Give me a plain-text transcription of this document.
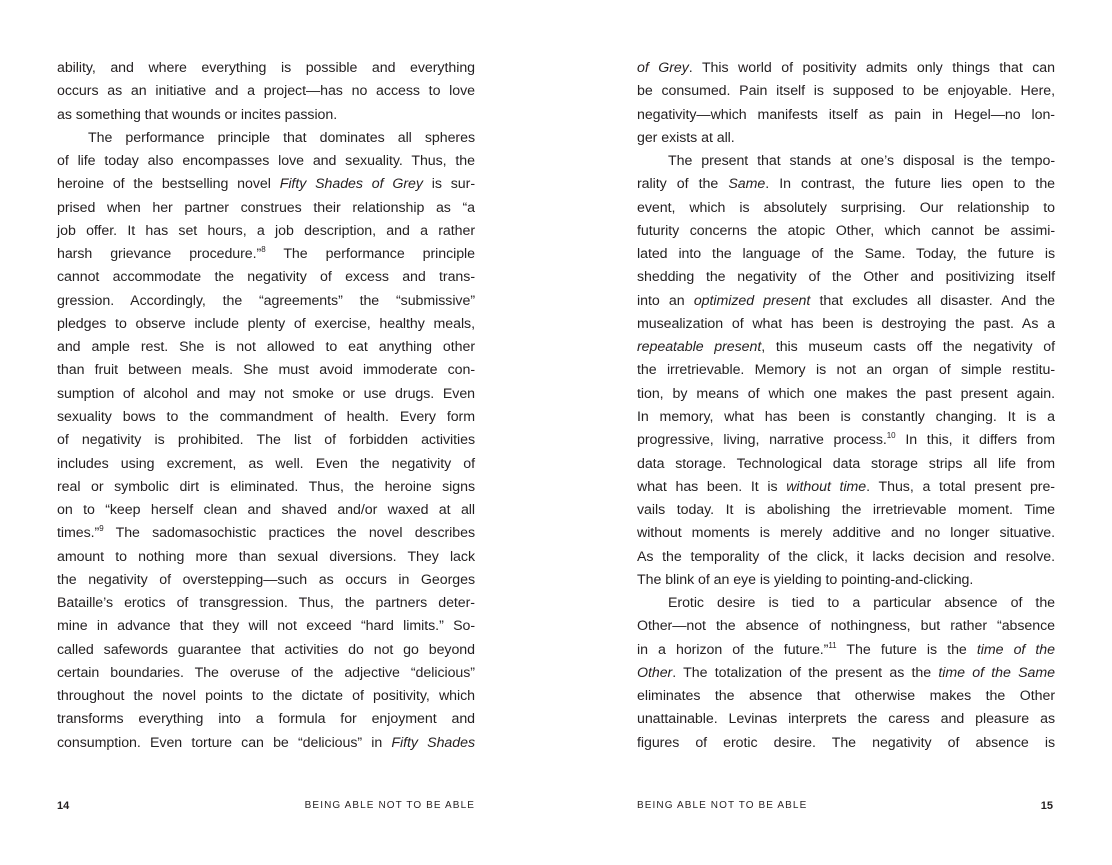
ability, and where everything is possible and everything
occurs as an initiative and a project—has no access to love
as something that wounds or incites passion.
The performance principle that dominates all spheres
of life today also encompasses love and sexuality. Thus, the
heroine of the bestselling novel Fifty Shades of Grey is sur-
prised when her partner construes their relationship as “a
job offer. It has set hours, a job description, and a rather
harsh grievance procedure.”$^8$ The performance principle
cannot accommodate the negativity of excess and trans-
gression. Accordingly, the “agreements” the “submissive”
pledges to observe include plenty of exercise, healthy meals,
and ample rest. She is not allowed to eat anything other
than fruit between meals. She must avoid immoderate con-
sumption of alcohol and may not smoke or use drugs. Even
sexuality bows to the commandment of health. Every form
of negativity is prohibited. The list of forbidden activities
includes using excrement, as well. Even the negativity of
real or symbolic dirt is eliminated. Thus, the heroine signs
on to “keep herself clean and shaved and/or waxed at all
times.”$^9$ The sadomasochistic practices the novel describes
amount to nothing more than sexual diversions. They lack
the negativity of overstepping—such as occurs in Georges
Bataille’s erotics of transgression. Thus, the partners deter-
mine in advance that they will not exceed “hard limits.” So-
called safewords guarantee that activities do not go beyond
certain boundaries. The overuse of the adjective “delicious”
throughout the novel points to the dictate of positivity, which
transforms everything into a formula for enjoyment and
consumption. Even torture can be “delicious” in Fifty Shades
of Grey. This world of positivity admits only things that can
be consumed. Pain itself is supposed to be enjoyable. Here,
negativity—which manifests itself as pain in Hegel—no lon-
ger exists at all.
The present that stands at one’s disposal is the tempo-
rality of the Same. In contrast, the future lies open to the
event, which is absolutely surprising. Our relationship to
futurity concerns the atopic Other, which cannot be assimi-
lated into the language of the Same. Today, the future is
shedding the negativity of the Other and positivizing itself
into an optimized present that excludes all disaster. And the
musealization of what has been is destroying the past. As a
repeatable present, this museum casts off the negativity of
the irretrievable. Memory is not an organ of simple restitu-
tion, by means of which one makes the past present again.
In memory, what has been is constantly changing. It is a
progressive, living, narrative process.$^{10}$ In this, it differs from
data storage. Technological data storage strips all life from
what has been. It is without time. Thus, a total present pre-
vails today. It is abolishing the irretrievable moment. Time
without moments is merely additive and no longer situative.
As the temporality of the click, it lacks decision and resolve.
The blink of an eye is yielding to pointing-and-clicking.
Erotic desire is tied to a particular absence of the
Other—not the absence of nothingness, but rather “absence
in a horizon of the future.”$^{11}$ The future is the time of the
Other. The totalization of the present as the time of the Same
eliminates the absence that otherwise makes the Other
unattainable. Levinas interprets the caress and pleasure as
figures of erotic desire. The negativity of absence is
14	BEING ABLE NOT TO BE ABLE	BEING ABLE NOT TO BE ABLE	15
